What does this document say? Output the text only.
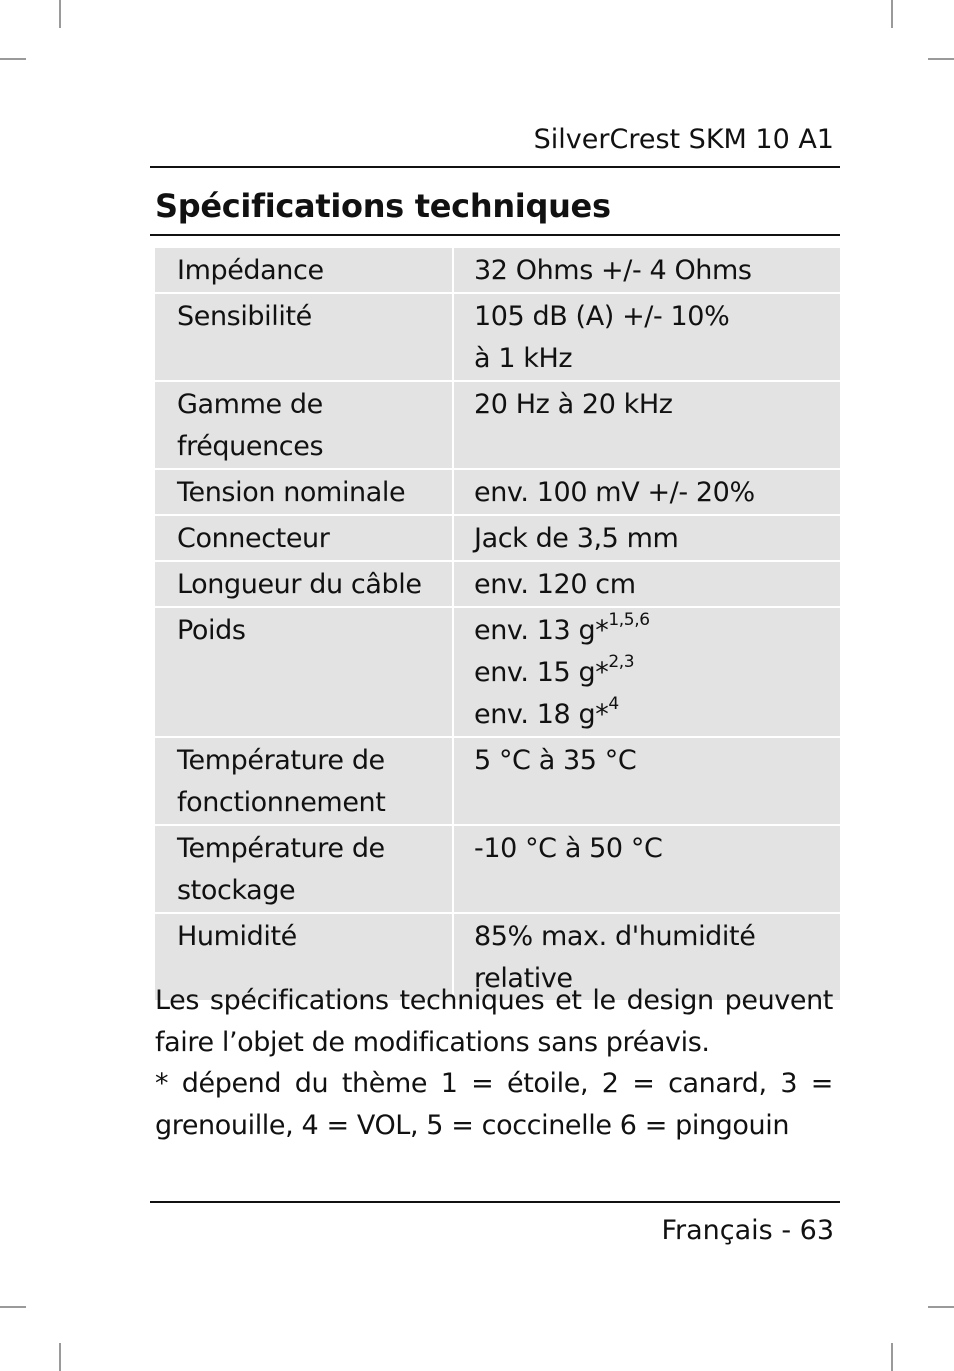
SilverCrest SKM 10 A1
Spécifications techniques
Impédance	32 Ohms +/- 4 Ohms
Sensibilité	105 dB (A) +/- 10%
à 1 kHz

Gamme de
fréquences	20 Hz à 20 kHz
Tension nominale	env. 100 mV +/- 20%
Connecteur	Jack de 3,5 mm
Longueur du câble	env. 120 cm
Poids	env. 13 g*$^{1,5,6}$
env. 15 g*$^{2,3}$
env. 18 g*$^4$

Température de
fonctionnement	5 °C à 35 °C

Température de
stockage	-10 °C à 50 °C
Humidité	85% max. d'humidité
relative

Les spécifications techniques et le design peuvent faire l’objet de modifications sans préavis.

* dépend du thème 1 = étoile, 2 = canard, 3 = grenouille, 4 = VOL, 5 = coccinelle 6 = pingouin

Français - 63
